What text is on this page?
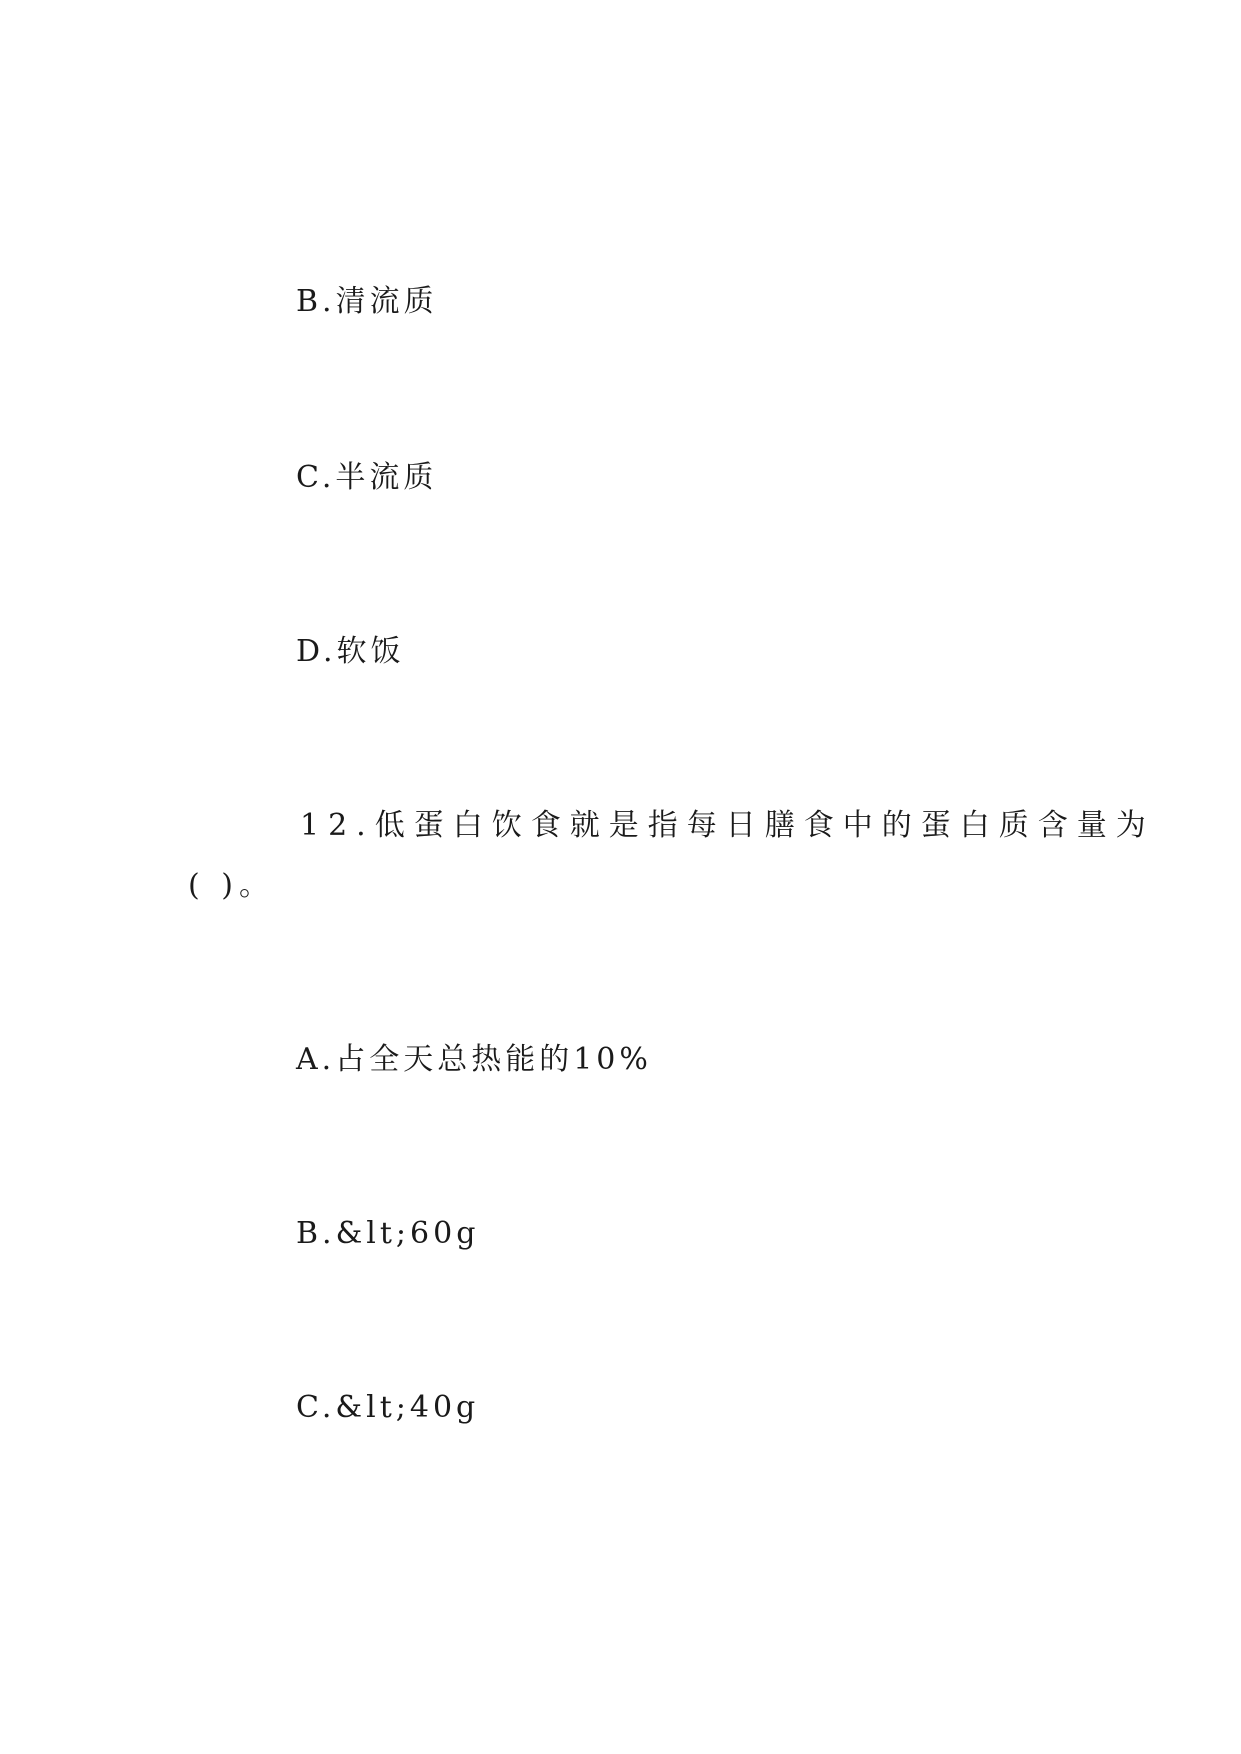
B.清流质
C.半流质
D.软饭
12.低蛋白饮食就是指每日膳食中的蛋白质含量为
( )。
A.占全天总热能的10%
B.&lt;60g
C.&lt;40g
